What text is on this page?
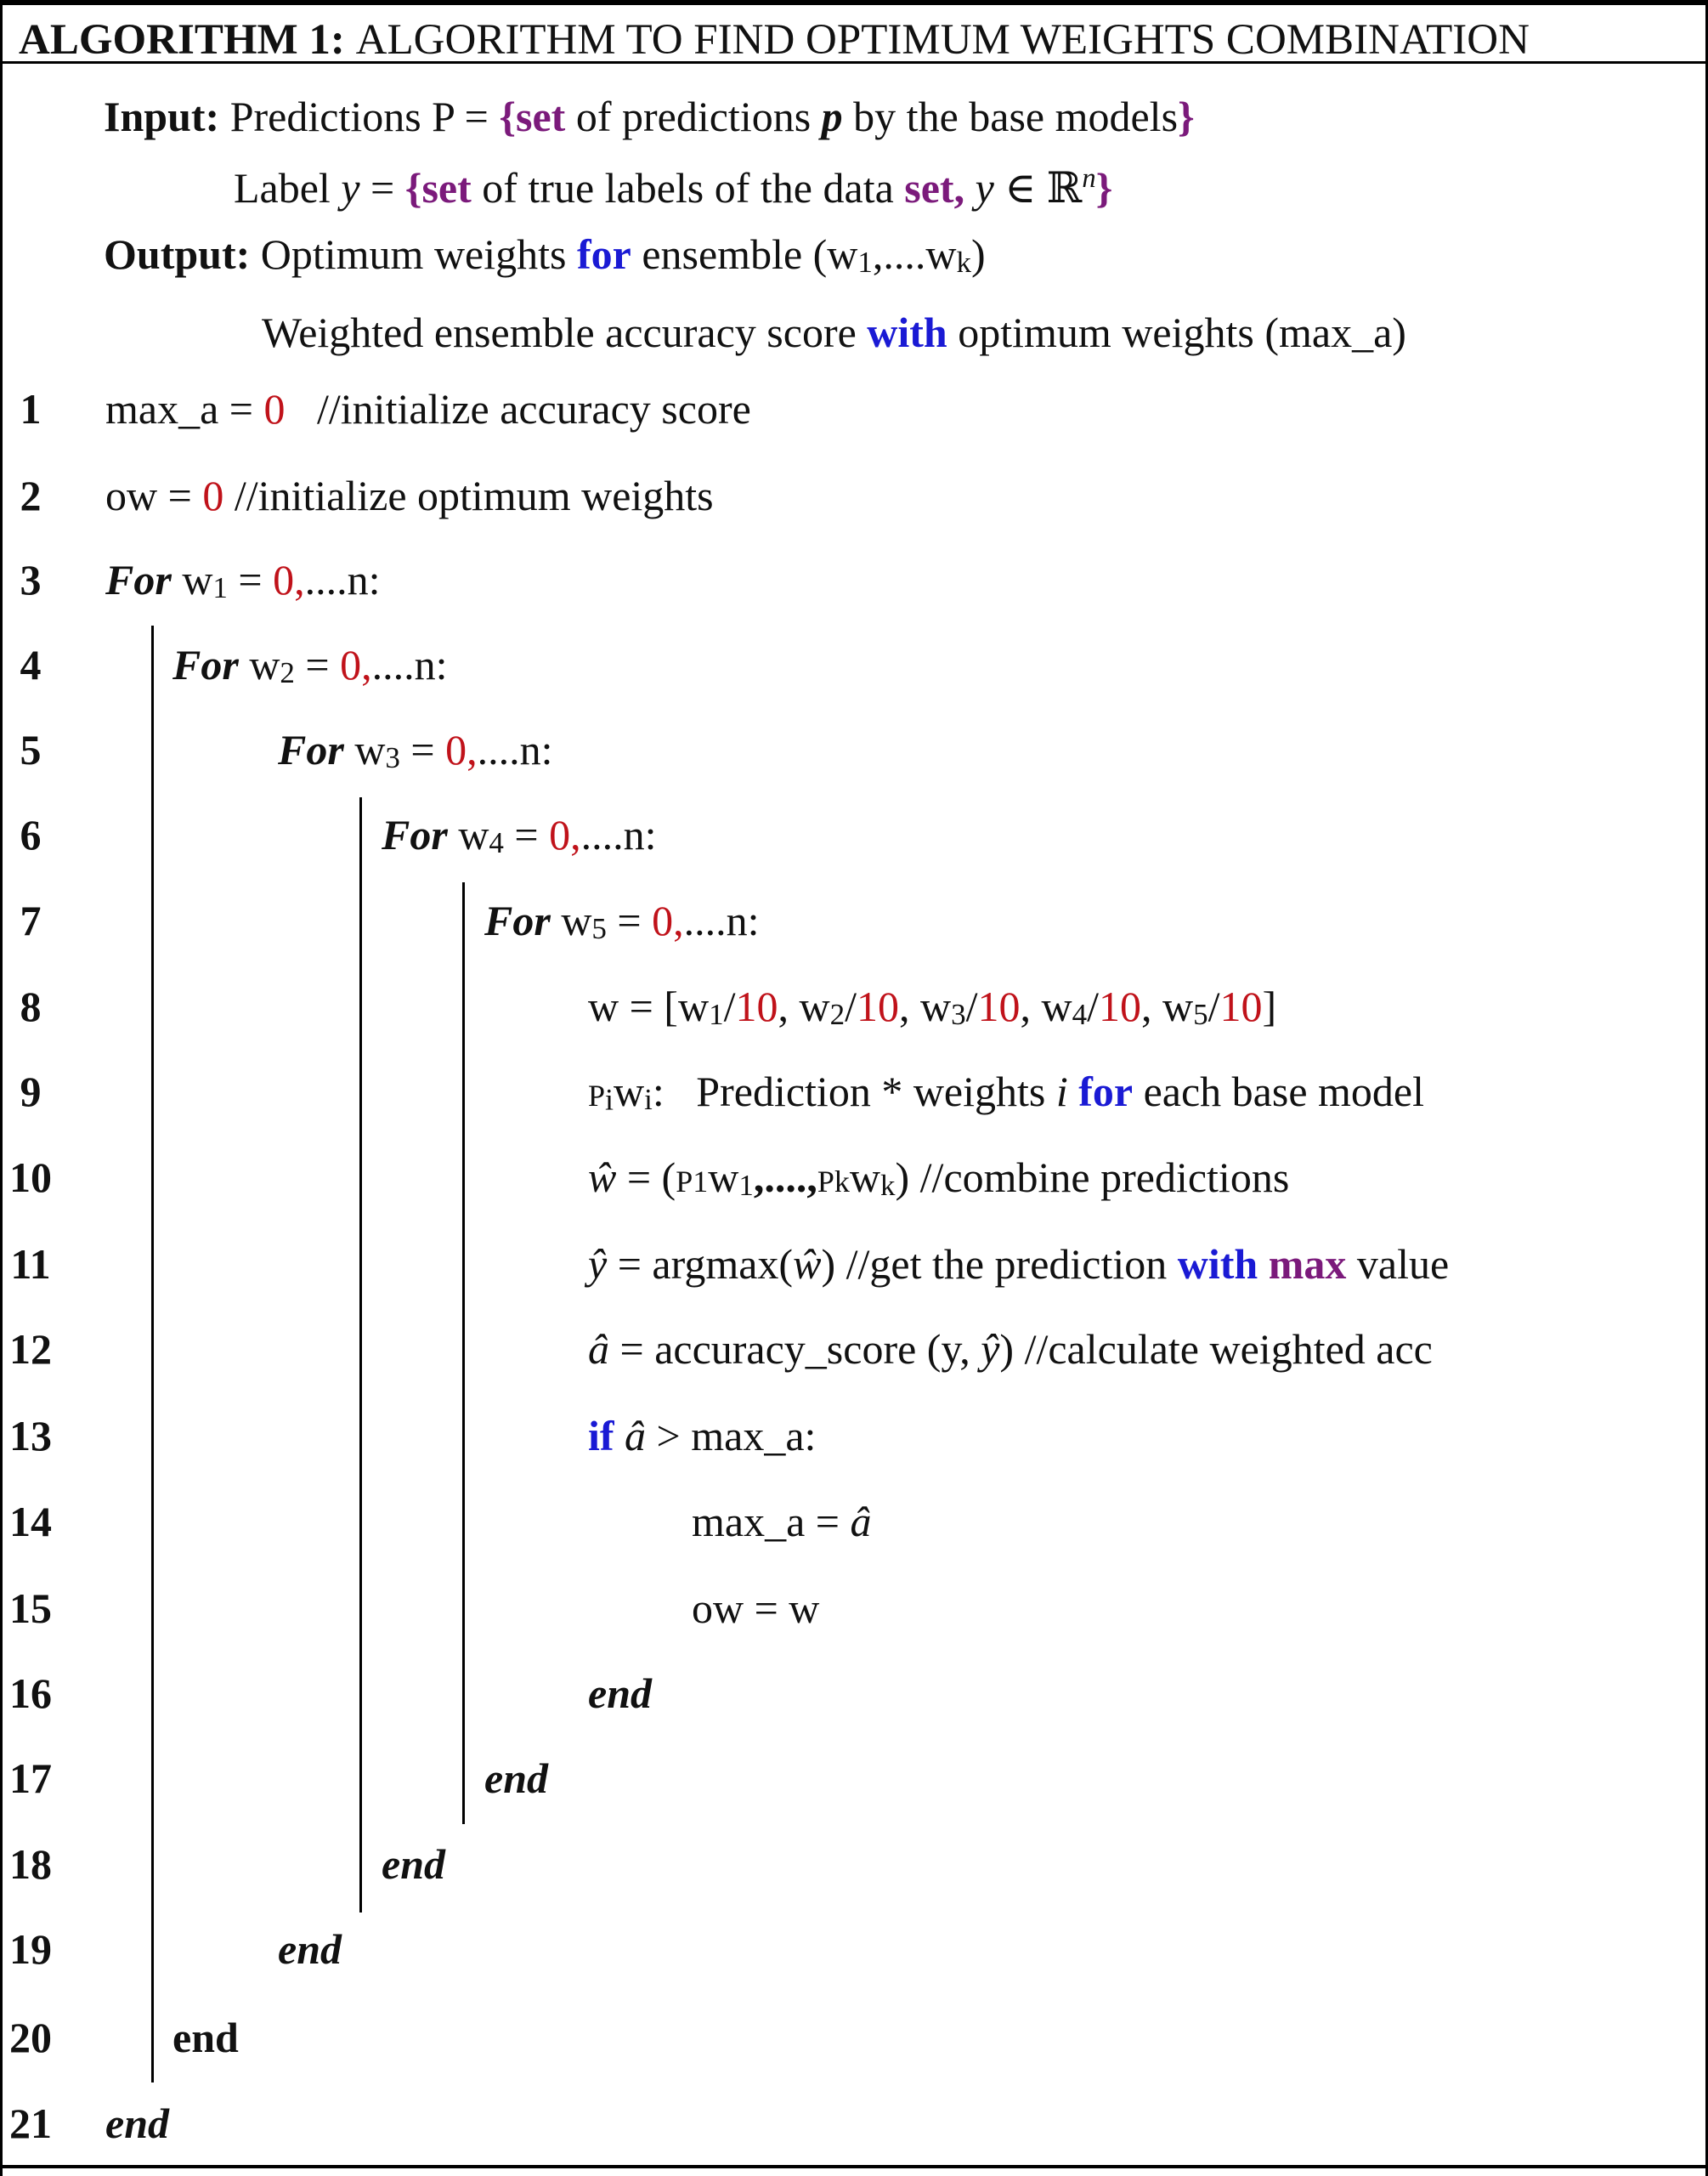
ALGORITHM 1: ALGORITHM TO FIND OPTIMUM WEIGHTS COMBINATION
Input: Predictions P = {set of predictions p by the base models}
Label y = {set of true labels of the data set, y ∈ ℝ$^n$}
Output: Optimum weights for ensemble $(w_1,....w_k)$
Weighted ensemble accuracy score with optimum weights (max_a)
1
2
3
4
5
6
7
8
9
10
11
12
13
14
15
16
17
18
19
20
21
max_a = 0 //initialize accuracy score
ow = 0 //initialize optimum weights
For $w_1 = 0,....n$:
For $w_2 = 0,....n$:
For $w_3 = 0,....n$:
For $w_4 = 0,....n$:
For $w_5 = 0,....n$:
$w = [w_1/10$, $w_2/10$, $w_3/10$, $w_4/10$, $w_5/10$]
$P_iw_i$: Prediction * weights i for each base model
ŵ = $(P1w_1,....,Pkw_k)$ //combine predictions
ŷ = argmax(ŵ) //get the prediction with max value
â = accuracy_score (y, ŷ) //calculate weighted acc
if â > max_a:
max_a = â
ow = w
end
end
end
end
end
end
